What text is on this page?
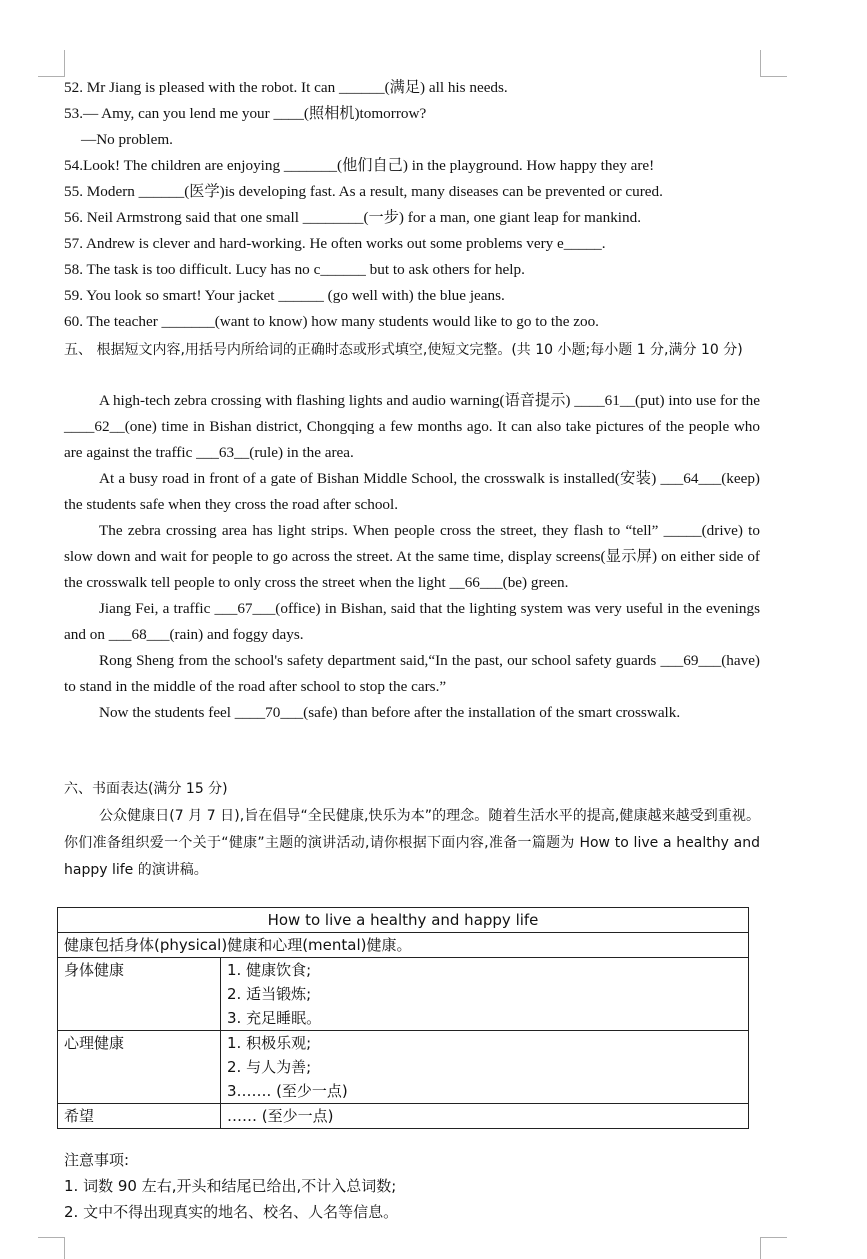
52. Mr Jiang is pleased with the robot. It can ______(满足) all his needs.
53.— Amy, can you lend me your ____(照相机)tomorrow?
—No problem.
54.Look! The children are enjoying _______(他们自己) in the playground. How happy they are!
55. Modern ______(医学)is developing fast. As a result, many diseases can be prevented or cured.
56. Neil Armstrong said that one small ________(一步) for a man, one giant leap for mankind.
57. Andrew is clever and hard-working. He often works out some problems very e_____.
58. The task is too difficult. Lucy has no c______ but to ask others for help.
59. You look so smart! Your jacket ______ (go well with) the blue jeans.
60. The teacher _______(want to know) how many students would like to go to the zoo.
五、 根据短文内容,用括号内所给词的正确时态或形式填空,使短文完整。(共 10 小题;每小题 1 分,满分 10 分)
A high-tech zebra crossing with flashing lights and audio warning(语音提示) ____61__(put) into use for the ____62__(one) time in Bishan district, Chongqing a few months ago. It can also take pictures of the people who are against the traffic ___63__(rule) in the area.
At a busy road in front of a gate of Bishan Middle School, the crosswalk is installed(安装) ___64___(keep) the students safe when they cross the road after school.
The zebra crossing area has light strips. When people cross the street, they flash to “tell” _____(drive) to slow down and wait for people to go across the street. At the same time, display screens(显示屏) on either side of the crosswalk tell people to only cross the street when the light __66___(be) green.
Jiang Fei, a traffic ___67___(office) in Bishan, said that the lighting system was very useful in the evenings and on ___68___(rain) and foggy days.
Rong Sheng from the school's safety department said,“In the past, our school safety guards ___69___(have) to stand in the middle of the road after school to stop the cars.”
Now the students feel ____70___(safe) than before after the installation of the smart crosswalk.
六、书面表达(满分 15 分)
公众健康日(7 月 7 日),旨在倡导“全民健康,快乐为本”的理念。随着生活水平的提高,健康越来越受到重视。你们准备组织爱一个关于“健康”主题的演讲活动,请你根据下面内容,准备一篇题为 How to live a healthy and happy life 的演讲稿。
How to live a healthy and happy life	
健康包括身体(physical)健康和心理(mental)健康。	
身体健康	1. 健康饮食;
2. 适当锻炼;
3. 充足睡眠。

心理健康	1. 积极乐观;
2. 与人为善;
3……. (至少一点)

希望	…… (至少一点)
注意事项:
1. 词数 90 左右,开头和结尾已给出,不计入总词数;
2. 文中不得出现真实的地名、校名、人名等信息。
